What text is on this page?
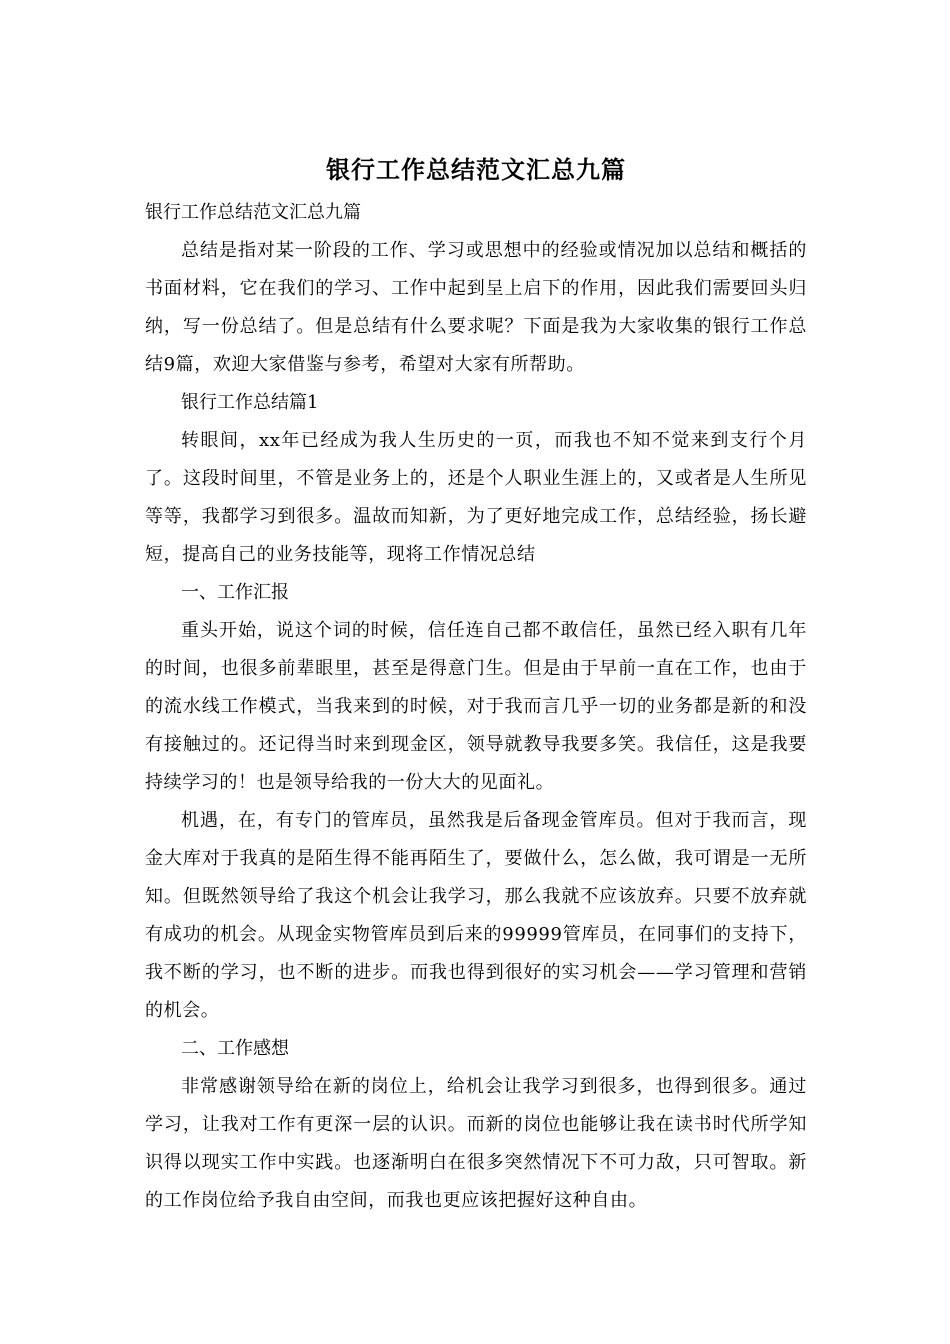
银行工作总结范文汇总九篇

银行工作总结范文汇总九篇

总结是指对某一阶段的工作、学习或思想中的经验或情况加以总结和概括的书面材料，它在我们的学习、工作中起到呈上启下的作用，因此我们需要回头归纳，写一份总结了。但是总结有什么要求呢？下面是我为大家收集的银行工作总结9篇，欢迎大家借鉴与参考，希望对大家有所帮助。

银行工作总结篇1

转眼间，xx年已经成为我人生历史的一页，而我也不知不觉来到支行个月了。这段时间里，不管是业务上的，还是个人职业生涯上的，又或者是人生所见等等，我都学习到很多。温故而知新，为了更好地完成工作，总结经验，扬长避短，提高自己的业务技能等，现将工作情况总结

一、工作汇报

重头开始，说这个词的时候，信任连自己都不敢信任，虽然已经入职有几年的时间，也很多前辈眼里，甚至是得意门生。但是由于早前一直在工作，也由于的流水线工作模式，当我来到的时候，对于我而言几乎一切的业务都是新的和没有接触过的。还记得当时来到现金区，领导就教导我要多笑。我信任，这是我要持续学习的！也是领导给我的一份大大的见面礼。

机遇，在，有专门的管库员，虽然我是后备现金管库员。但对于我而言，现金大库对于我真的是陌生得不能再陌生了，要做什么，怎么做，我可谓是一无所知。但既然领导给了我这个机会让我学习，那么我就不应该放弃。只要不放弃就有成功的机会。从现金实物管库员到后来的99999管库员，在同事们的支持下，我不断的学习，也不断的进步。而我也得到很好的实习机会——学习管理和营销的机会。

二、工作感想

非常感谢领导给在新的岗位上，给机会让我学习到很多，也得到很多。通过学习，让我对工作有更深一层的认识。而新的岗位也能够让我在读书时代所学知识得以现实工作中实践。也逐渐明白在很多突然情况下不可力敌，只可智取。新的工作岗位给予我自由空间，而我也更应该把握好这种自由。
